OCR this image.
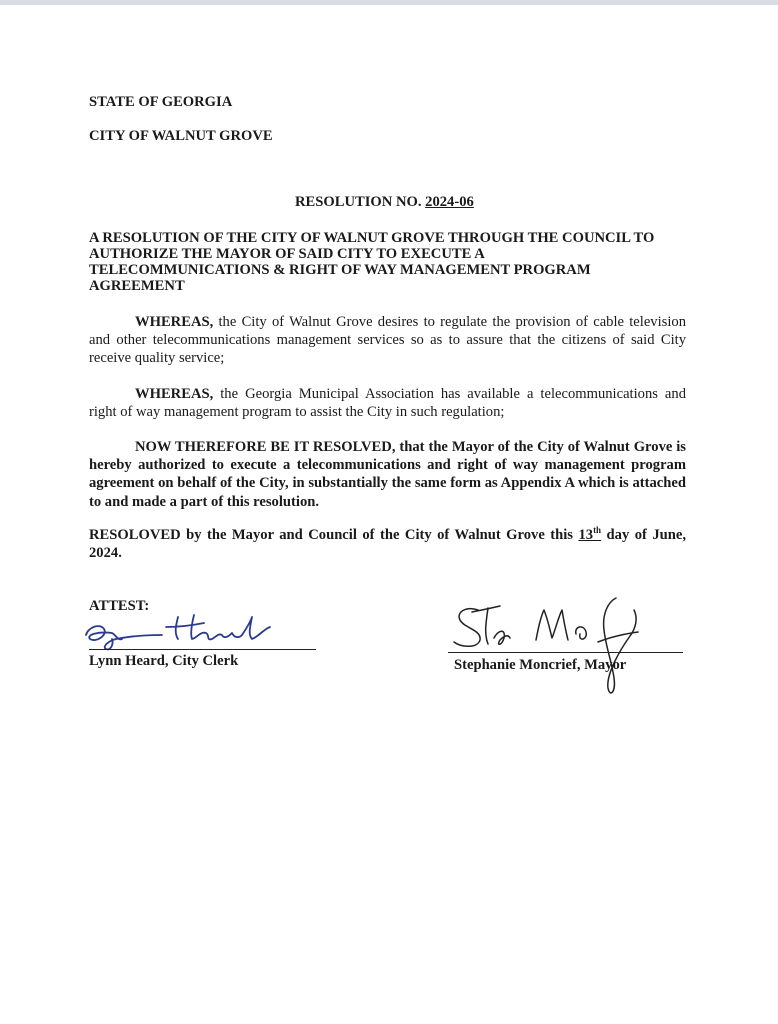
STATE OF GEORGIA
CITY OF WALNUT GROVE
RESOLUTION NO. 2024-06
A RESOLUTION OF THE CITY OF WALNUT GROVE THROUGH THE COUNCIL TO
AUTHORIZE THE MAYOR OF SAID CITY TO EXECUTE A
TELECOMMUNICATIONS & RIGHT OF WAY MANAGEMENT PROGRAM
AGREEMENT
WHEREAS, the City of Walnut Grove desires to regulate the provision of cable television and other telecommunications management services so as to assure that the citizens of said City receive quality service;
WHEREAS, the Georgia Municipal Association has available a telecommunications and right of way management program to assist the City in such regulation;
NOW THEREFORE BE IT RESOLVED, that the Mayor of the City of Walnut Grove is hereby authorized to execute a telecommunications and right of way management program agreement on behalf of the City, in substantially the same form as Appendix A which is attached to and made a part of this resolution.
RESOLOVED by the Mayor and Council of the City of Walnut Grove this 13th day of June, 2024.
ATTEST:
Lynn Heard, City Clerk	Stephanie Moncrief, Mayor
